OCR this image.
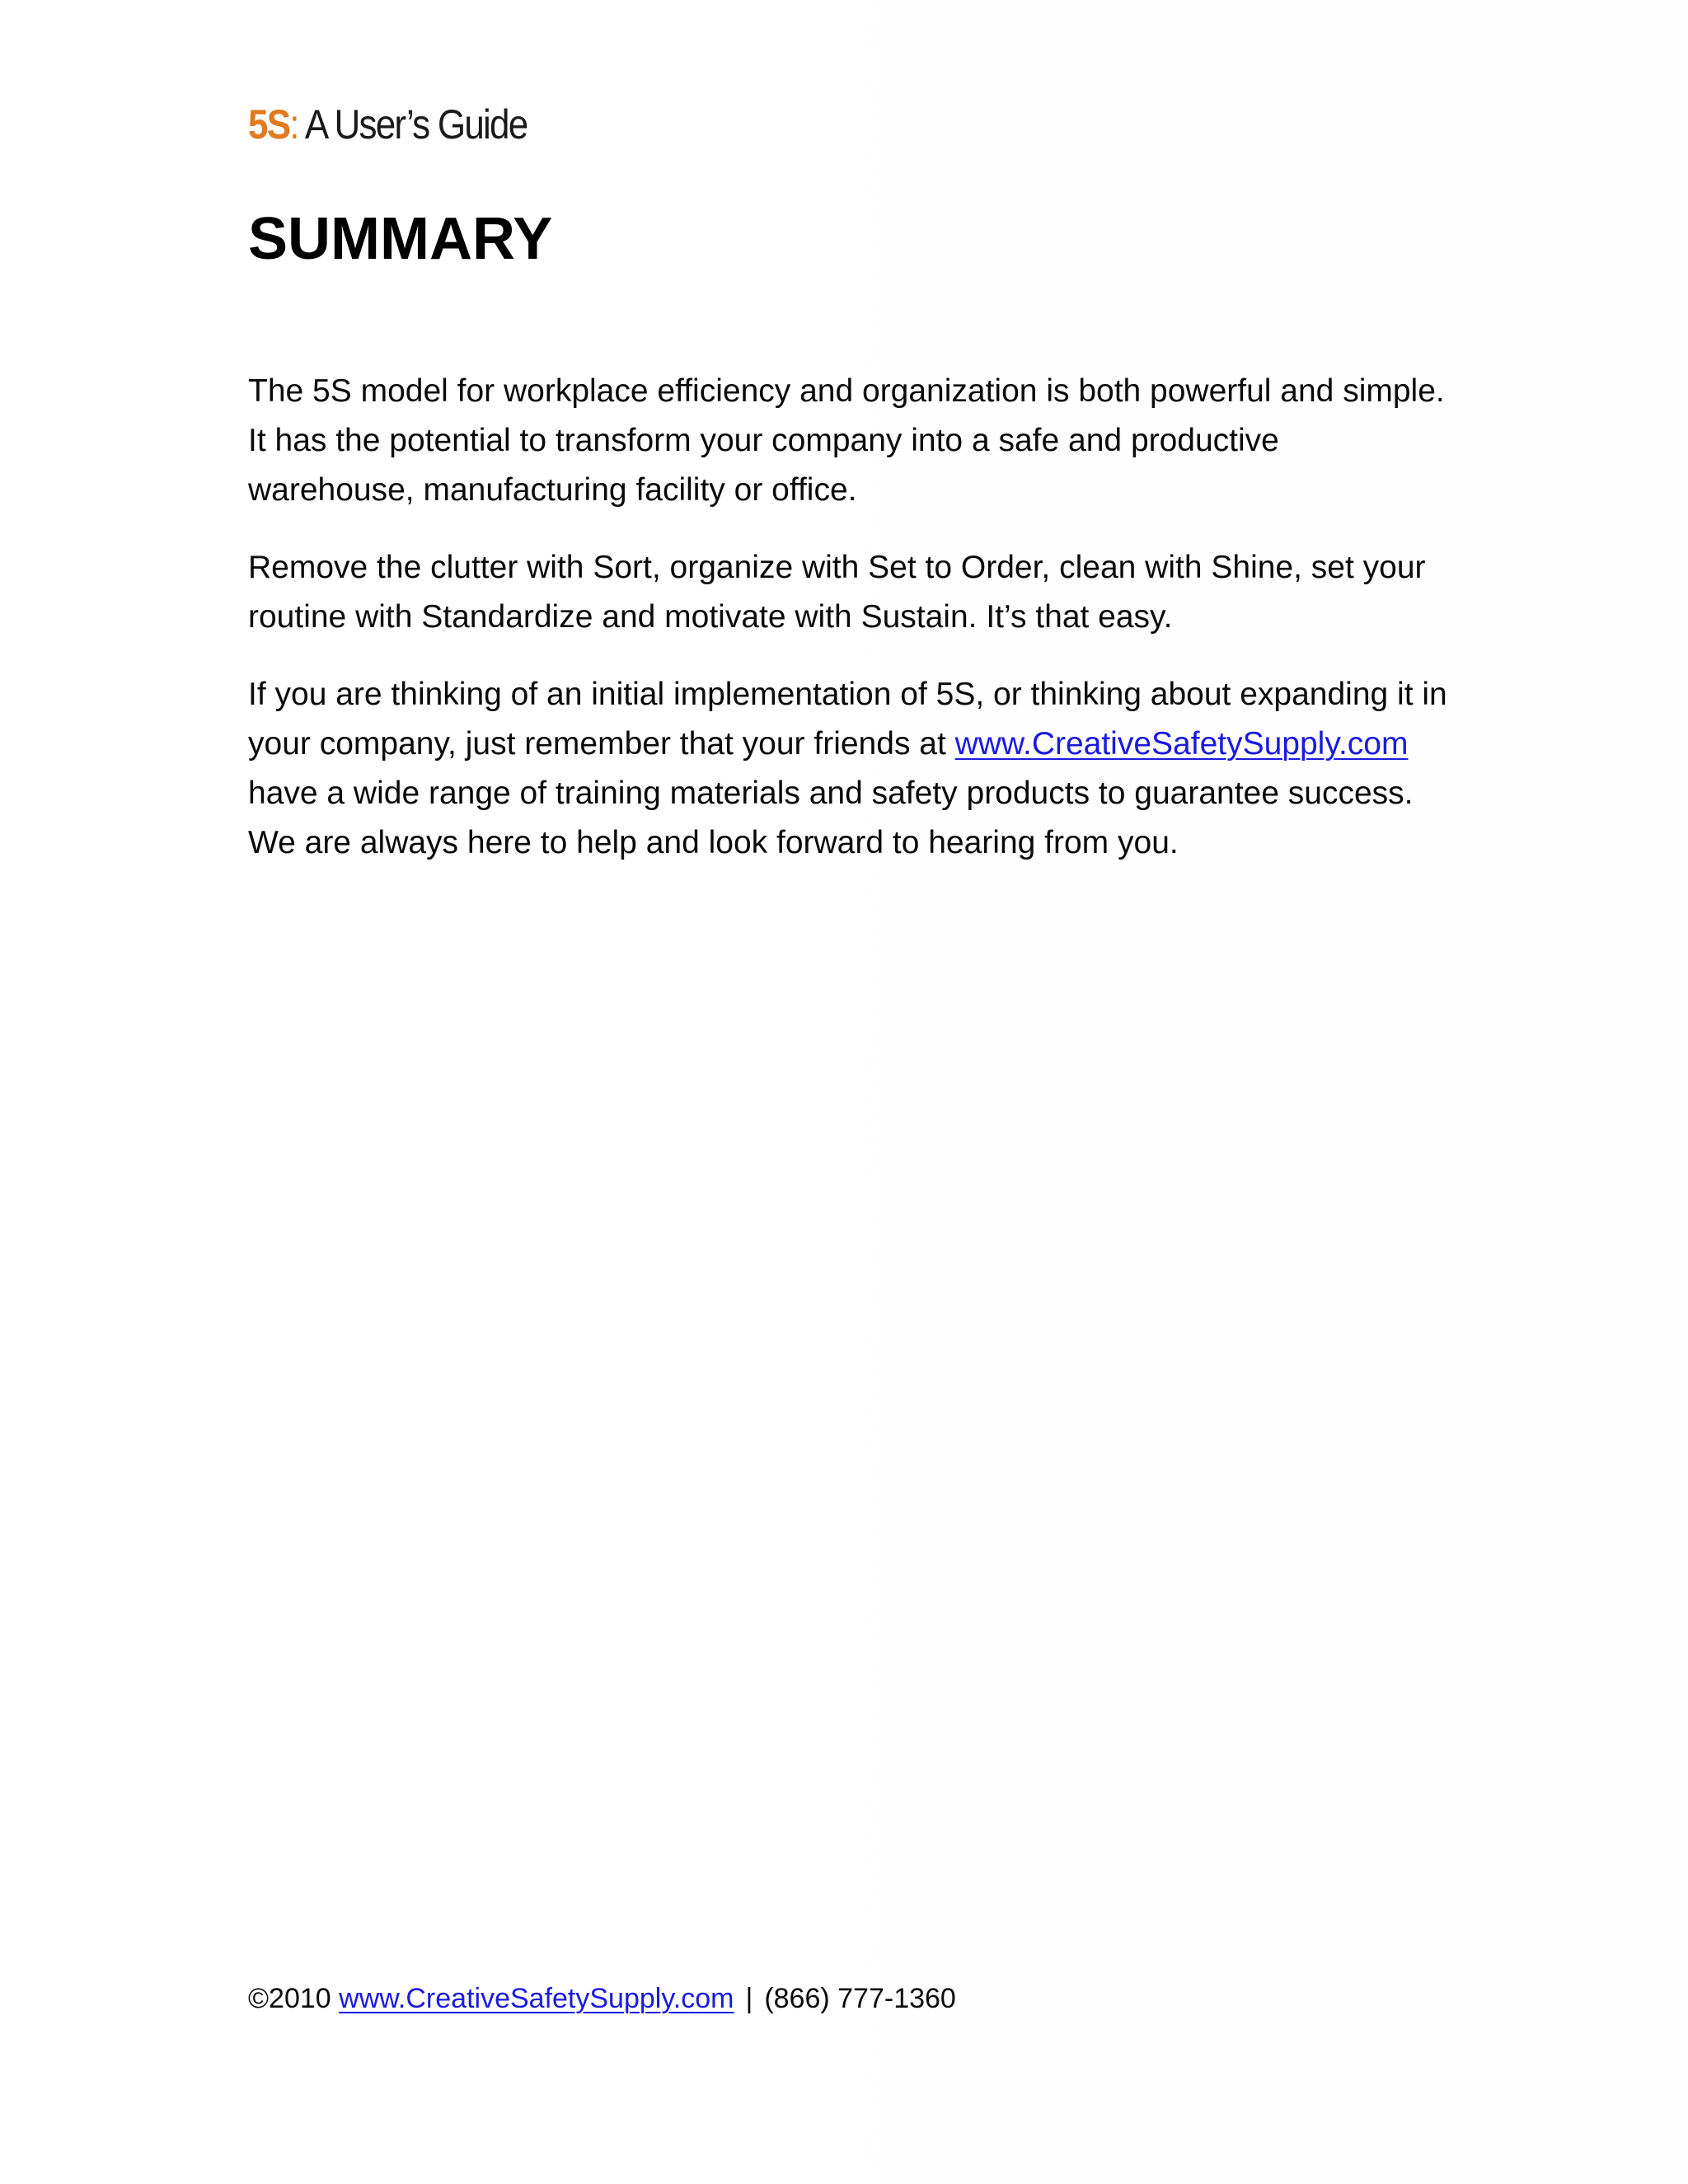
5S: A User’s Guide
SUMMARY

The 5S model for workplace efficiency and organization is both powerful and simple. It has the potential to transform your company into a safe and productive warehouse, manufacturing facility or office.

Remove the clutter with Sort, organize with Set to Order, clean with Shine, set your routine with Standardize and motivate with Sustain. It’s that easy.

If you are thinking of an initial implementation of 5S, or thinking about expanding it in your company, just remember that your friends at www.CreativeSafetySupply.com have a wide range of training materials and safety products to guarantee success. We are always here to help and look forward to hearing from you.

©2010 www.CreativeSafetySupply.com | (866) 777-1360
